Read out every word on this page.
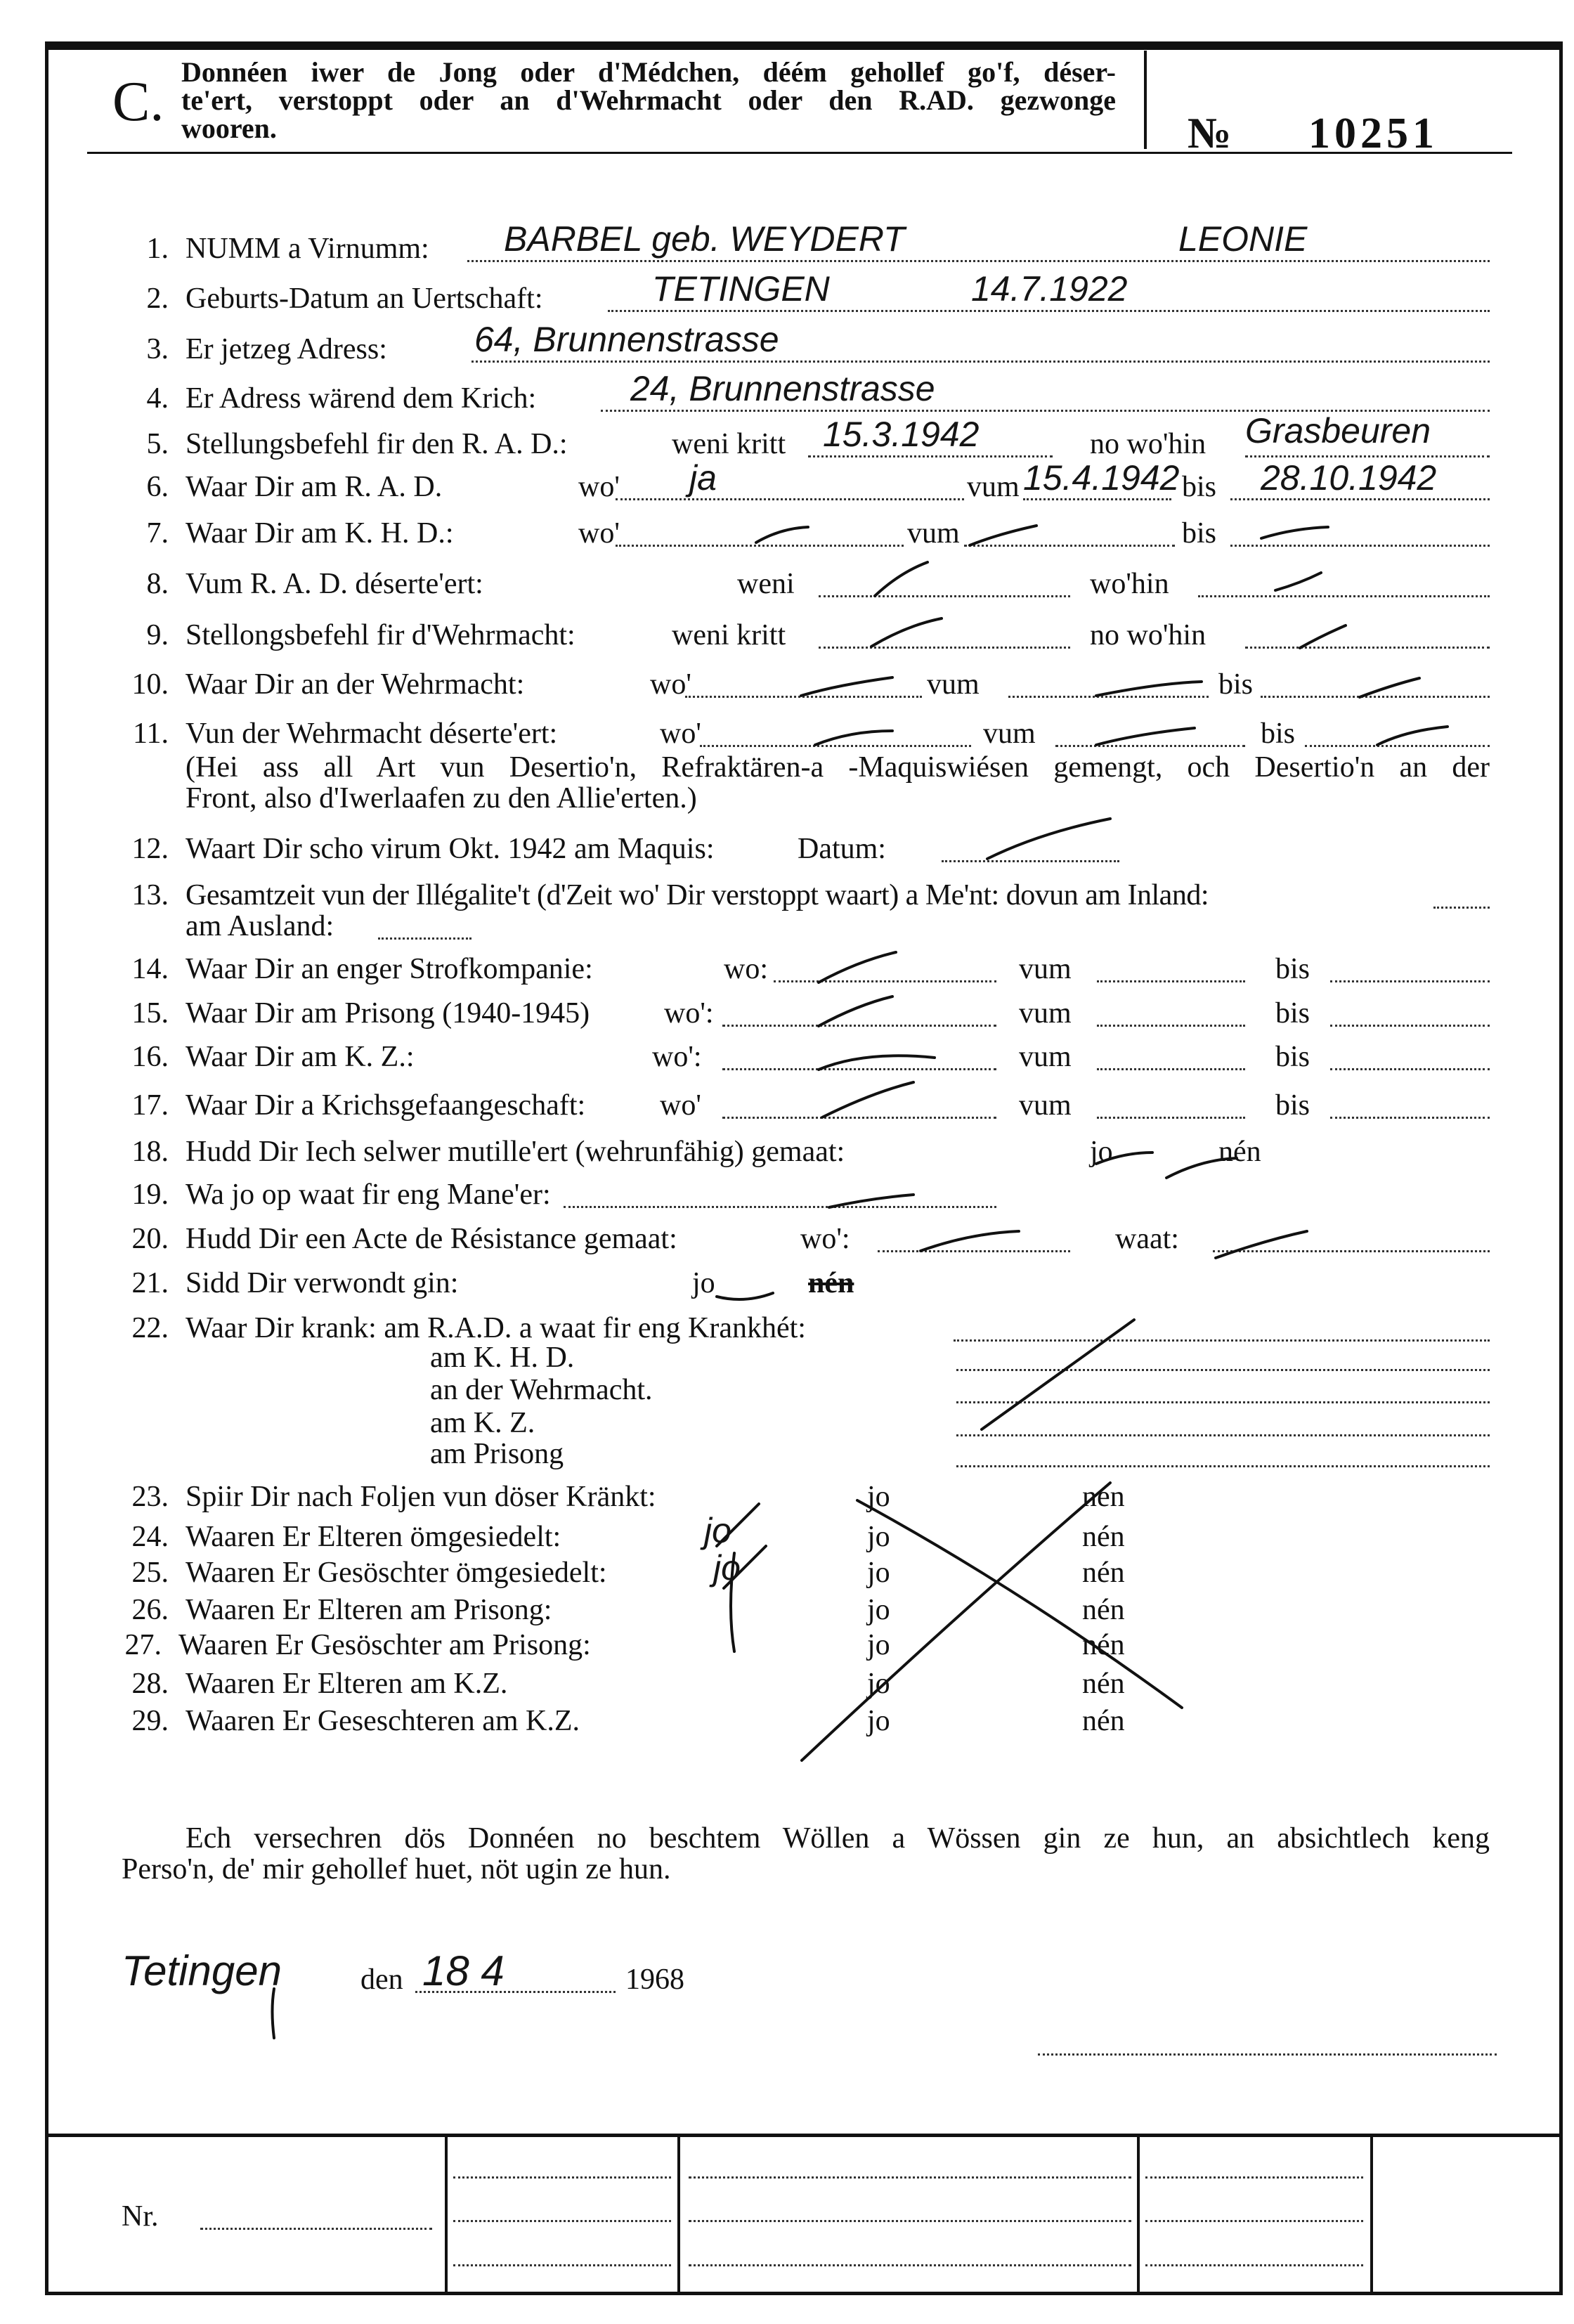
C. Donnéen iwer de Jong oder d'Médchen, déém gehollef go'f, déser-
te'ert, verstoppt oder an d'Wehrmacht oder den R.AD. gezwonge
wooren.	№ 10251
1. NUMM a Virnumm: BARBEL geb. WEYDERT	LEONIE
2. Geburts-Datum an Uertschaft:	TETINGEN	14.7.1922
3. Er jetzeg Adress: 64, Brunnenstrasse
4. Er Adress wärend dem Krich:	24, Brunnenstrasse
5. Stellungsbefehl fir den R. A. D.:	weni kritt 15.3.1942	no wo'hin Grasbeuren
6. Waar Dir am R. A. D.	wo' ja	vum 15.4.1942 bis 28.10.1942
7. Waar Dir am K. H. D.:	wo'	vum	bis
8. Vum R. A. D. déserte'ert:	weni	wo'hin
9. Stellongsbefehl fir d'Wehrmacht:	weni kritt	no wo'hin
10. Waar Dir an der Wehrmacht:	wo'	vum	bis
11. Vun der Wehrmacht déserte'ert:	wo'	vum	bis
(Hei ass all Art vun Desertio'n, Refraktären-a -Maquiswiésen gemengt, och Desertio'n an der
Front, also d'Iwerlaafen zu den Allie'erten.)
12. Waart Dir scho virum Okt. 1942 am Maquis:	Datum:
13. Gesamtzeit vun der Illégalite't (d'Zeit wo' Dir verstoppt waart) a Me'nt: dovun am Inland:
am Ausland:
14. Waar Dir an enger Strofkompanie:	wo:	vum	bis
15. Waar Dir am Prisong (1940-1945)	wo':	vum	bis
16. Waar Dir am K. Z.:	wo':	vum	bis
17. Waar Dir a Krichsgefaangeschaft:	wo'	vum	bis
18. Hudd Dir Iech selwer mutille'ert (wehrunfähig) gemaat:	jo	nén
19. Wa jo op waat fir eng Mane'er:
20. Hudd Dir een Acte de Résistance gemaat:	wo':	waat:
21. Sidd Dir verwondt gin:	jo	nén
22. Waar Dir krank: am R.A.D. a waat fir eng Krankhét:
am K. H. D.
an der Wehrmacht.
am K. Z.
am Prisong
23. Spiir Dir nach Foljen vun döser Kränkt:	jo	nén
24. Waaren Er Elteren ömgesiedelt:	jo	jo	nén
25. Waaren Er Gesöschter ömgesiedelt:	jo	jo	nén
26. Waaren Er Elteren am Prisong:	jo	nén
27. Waaren Er Gesöschter am Prisong:	jo	nén
28. Waaren Er Elteren am K.Z.	jo	nén
29. Waaren Er Geseschteren am K.Z.	jo	nén
Ech versechren dös Donnéen no beschtem Wöllen a Wössen gin ze hun, an absichtlech keng
Perso'n, de' mir gehollef huet, nöt ugin ze hun.
Tetingen	den 18 4	1968
Nr.
